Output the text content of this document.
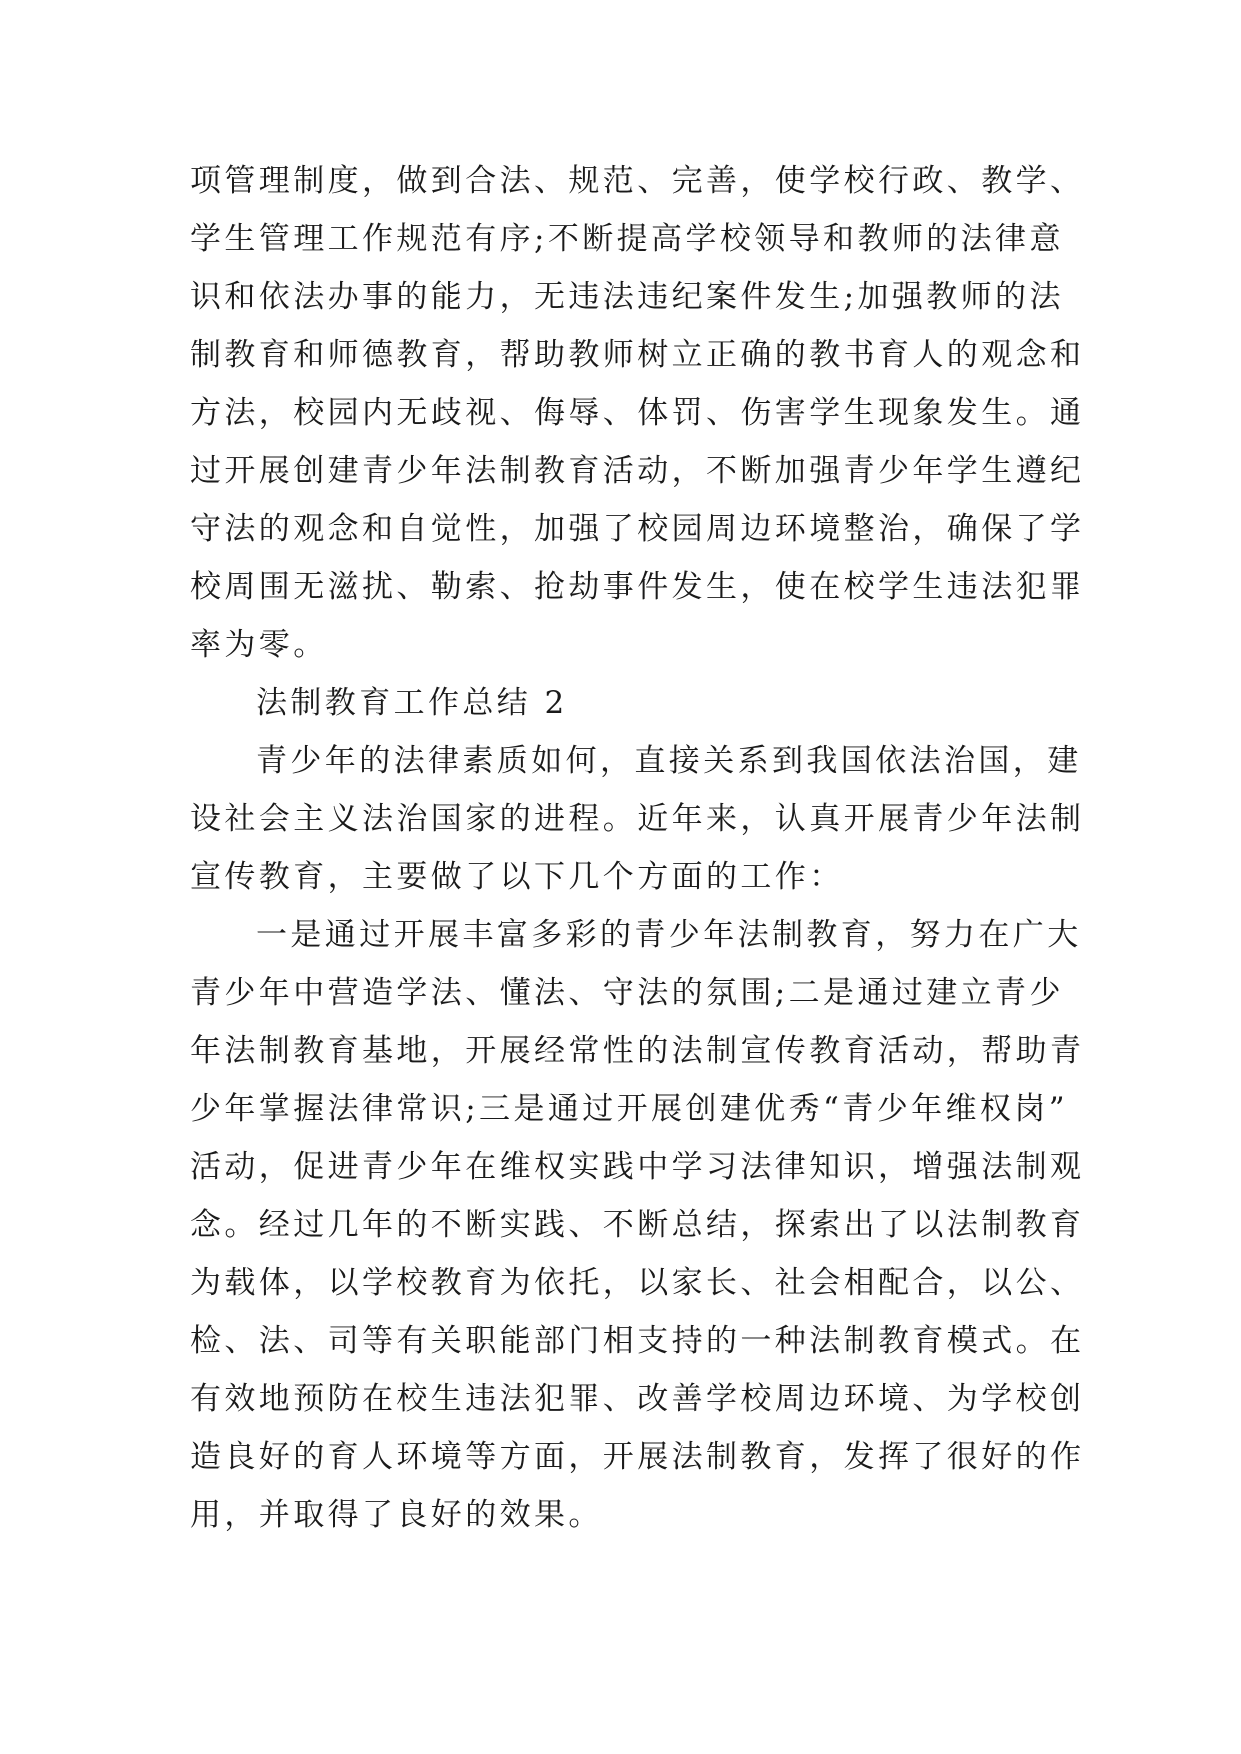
项管理制度，做到合法、规范、完善，使学校行政、教学、
学生管理工作规范有序;不断提高学校领导和教师的法律意
识和依法办事的能力，无违法违纪案件发生;加强教师的法
制教育和师德教育，帮助教师树立正确的教书育人的观念和
方法，校园内无歧视、侮辱、体罚、伤害学生现象发生。通
过开展创建青少年法制教育活动，不断加强青少年学生遵纪
守法的观念和自觉性，加强了校园周边环境整治，确保了学
校周围无滋扰、勒索、抢劫事件发生，使在校学生违法犯罪
率为零。
法制教育工作总结 2
青少年的法律素质如何，直接关系到我国依法治国，建
设社会主义法治国家的进程。近年来，认真开展青少年法制
宣传教育，主要做了以下几个方面的工作：
一是通过开展丰富多彩的青少年法制教育，努力在广大
青少年中营造学法、懂法、守法的氛围;二是通过建立青少
年法制教育基地，开展经常性的法制宣传教育活动，帮助青
少年掌握法律常识;三是通过开展创建优秀“青少年维权岗”
活动，促进青少年在维权实践中学习法律知识，增强法制观
念。经过几年的不断实践、不断总结，探索出了以法制教育
为载体，以学校教育为依托，以家长、社会相配合，以公、
检、法、司等有关职能部门相支持的一种法制教育模式。在
有效地预防在校生违法犯罪、改善学校周边环境、为学校创
造良好的育人环境等方面，开展法制教育，发挥了很好的作
用，并取得了良好的效果。
